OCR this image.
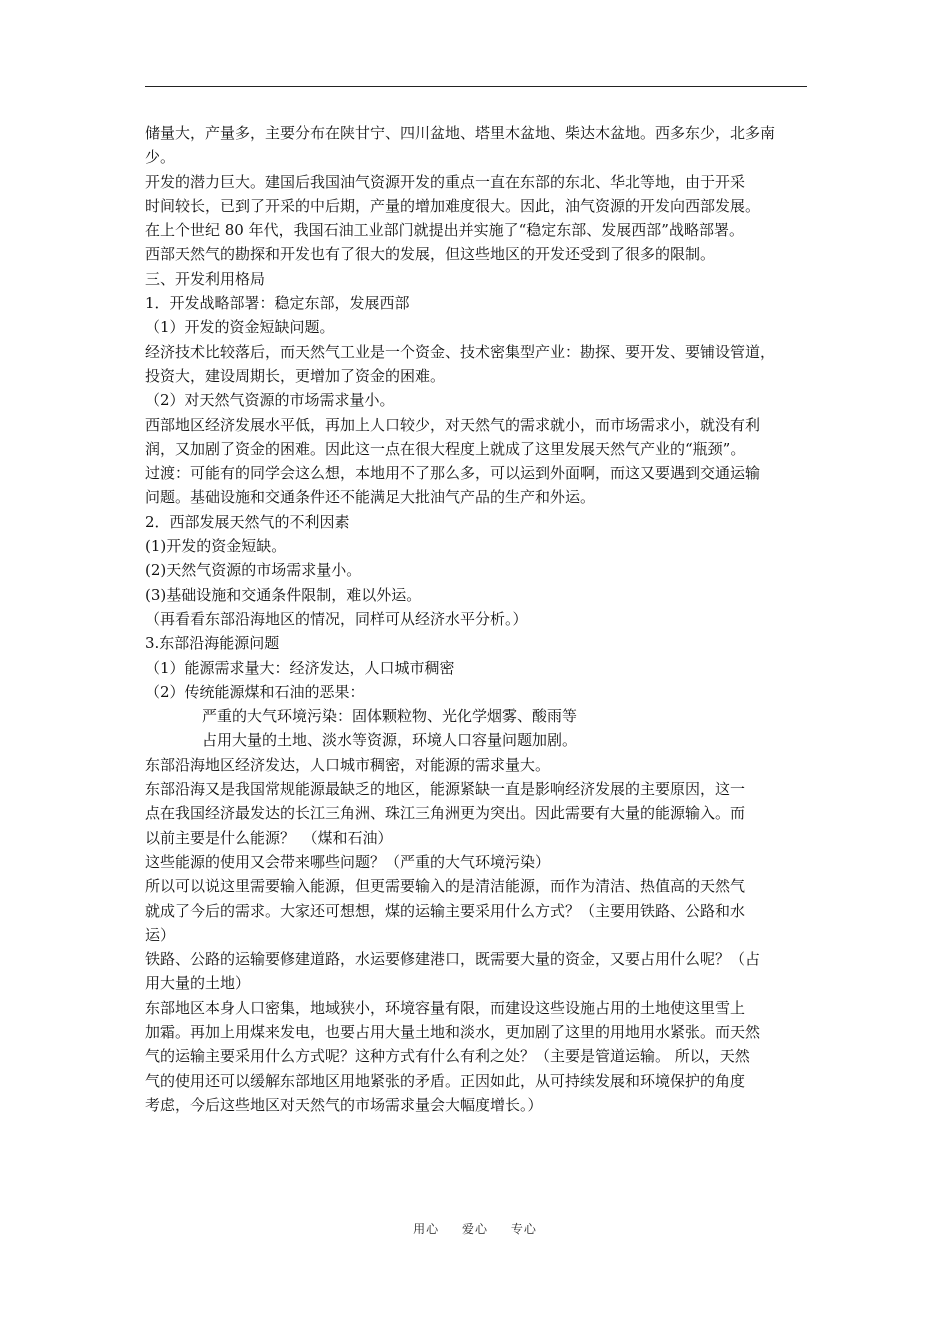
储量大，产量多，主要分布在陕甘宁、四川盆地、塔里木盆地、柴达木盆地。西多东少，北多南
少。
开发的潜力巨大。建国后我国油气资源开发的重点一直在东部的东北、华北等地，由于开采
时间较长，已到了开采的中后期，产量的增加难度很大。因此，油气资源的开发向西部发展。
在上个世纪 80 年代，我国石油工业部门就提出并实施了“稳定东部、发展西部”战略部署。
西部天然气的勘探和开发也有了很大的发展，但这些地区的开发还受到了很多的限制。
三、开发利用格局
1．开发战略部署：稳定东部，发展西部
（1）开发的资金短缺问题。
经济技术比较落后，而天然气工业是一个资金、技术密集型产业：勘探、要开发、要铺设管道，
投资大，建设周期长，更增加了资金的困难。
（2）对天然气资源的市场需求量小。
西部地区经济发展水平低，再加上人口较少，对天然气的需求就小，而市场需求小，就没有利
润，又加剧了资金的困难。因此这一点在很大程度上就成了这里发展天然气产业的“瓶颈”。
过渡：可能有的同学会这么想，本地用不了那么多，可以运到外面啊，而这又要遇到交通运输
问题。基础设施和交通条件还不能满足大批油气产品的生产和外运。
2．西部发展天然气的不利因素
(1)开发的资金短缺。
(2)天然气资源的市场需求量小。
(3)基础设施和交通条件限制，难以外运。
（再看看东部沿海地区的情况，同样可从经济水平分析。）
3.东部沿海能源问题
（1）能源需求量大：经济发达，人口城市稠密
（2）传统能源煤和石油的恶果：
严重的大气环境污染：固体颗粒物、光化学烟雾、酸雨等
占用大量的土地、淡水等资源，环境人口容量问题加剧。
东部沿海地区经济发达，人口城市稠密，对能源的需求量大。
东部沿海又是我国常规能源最缺乏的地区，能源紧缺一直是影响经济发展的主要原因，这一
点在我国经济最发达的长江三角洲、珠江三角洲更为突出。因此需要有大量的能源输入。而
以前主要是什么能源？　（煤和石油）
这些能源的使用又会带来哪些问题？（严重的大气环境污染）
所以可以说这里需要输入能源，但更需要输入的是清洁能源，而作为清洁、热值高的天然气
就成了今后的需求。大家还可想想，煤的运输主要采用什么方式？（主要用铁路、公路和水
运）
铁路、公路的运输要修建道路，水运要修建港口，既需要大量的资金，又要占用什么呢？（占
用大量的土地）
东部地区本身人口密集，地域狭小，环境容量有限，而建设这些设施占用的土地使这里雪上
加霜。再加上用煤来发电，也要占用大量土地和淡水，更加剧了这里的用地用水紧张。而天然
气的运输主要采用什么方式呢？这种方式有什么有利之处？（主要是管道运输。 所以，天然
气的使用还可以缓解东部地区用地紧张的矛盾。正因如此，从可持续发展和环境保护的角度
考虑，今后这些地区对天然气的市场需求量会大幅度增长。）
用心 爱心 专心
